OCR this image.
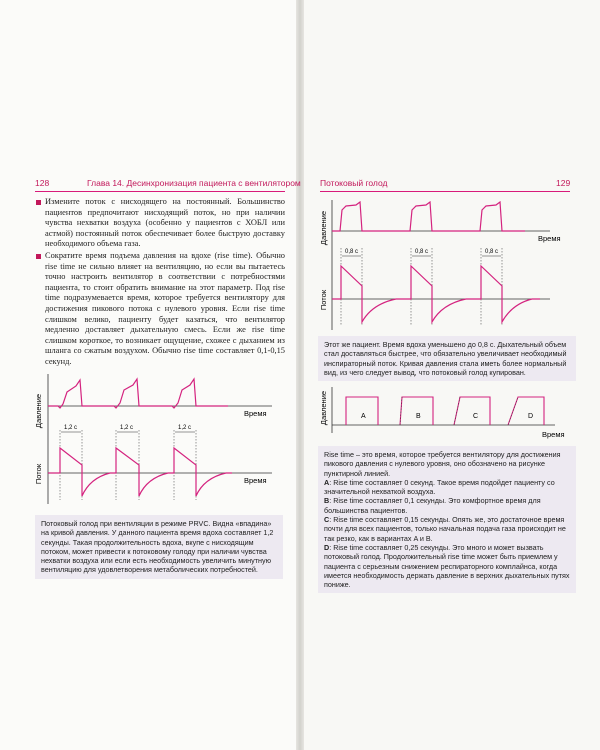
128	Глава 14. Десинхронизация пациента с вентилятором

Измените поток с нисходящего на постоянный. Большинство пациентов предпочитают нисходящий поток, но при наличии чувства нехватки воздуха (особенно у пациентов с ХОБЛ или астмой) постоянный поток обеспечивает более быструю доставку необходимого объема газа.

Сократите время подъема давления на вдохе (rise time). Обычно rise time не сильно влияет на вентиляцию, но если вы пытаетесь точно настроить вентилятор в соответствии с потребностями пациента, то стоит обратить внимание на этот параметр. Под rise time подразумевается время, которое требуется вентилятору для достижения пикового потока с нулевого уровня. Если rise time слишком велико, пациенту будет казаться, что вентилятор медленно доставляет дыхательную смесь. Если же rise time слишком короткое, то возникает ощущение, схожее с дыханием из шланга со сжатым воздухом. Обычно rise time составляет 0,1-0,15 секунд.

Давление
Поток
Время
Время
1,2 с	1,2 с	1,2 с
Потоковый голод при вентиляции в режиме PRVC. Видна «впадина» на кривой давления. У данного пациента время вдоха составляет 1,2 секунды. Такая продолжительность вдоха, вкупе с нисходящим потоком, может привести к потоковому голоду при наличии чувства нехватки воздуха или если есть необходимость увеличить минутную вентиляцию для удовлетворения метаболических потребностей.
Потоковый голод	129
Давление
Поток
Время
0,8 с	0,8 с	0,8 с
Этот же пациент. Время вдоха уменьшено до 0,8 с. Дыхательный объем стал доставляться быстрее, что обязательно увеличивает необходимый инспираторный поток. Кривая давления стала иметь более нормальный вид, из чего следует вывод, что потоковый голод купирован.
Давление
Время
A	B	C	D
Rise time – это время, которое требуется вентилятору для достижения пикового давления с нулевого уровня, оно обозначено на рисунке пунктирной линией.
A: Rise time составляет 0 секунд. Такое время подойдет пациенту со значительной нехваткой воздуха.
B: Rise time составляет 0,1 секунды. Это комфортное время для большинства пациентов.
C: Rise time составляет 0,15 секунды. Опять же, это достаточное время почти для всех пациентов, только начальная подача газа происходит не так резко, как в вариантах A и B.
D: Rise time составляет 0,25 секунды. Это много и может вызвать потоковый голод. Продолжительный rise time может быть приемлем у пациента с серьезным снижением респираторного комплайнса, когда имеется необходимость держать давление в верхних дыхательных путях пониже.
